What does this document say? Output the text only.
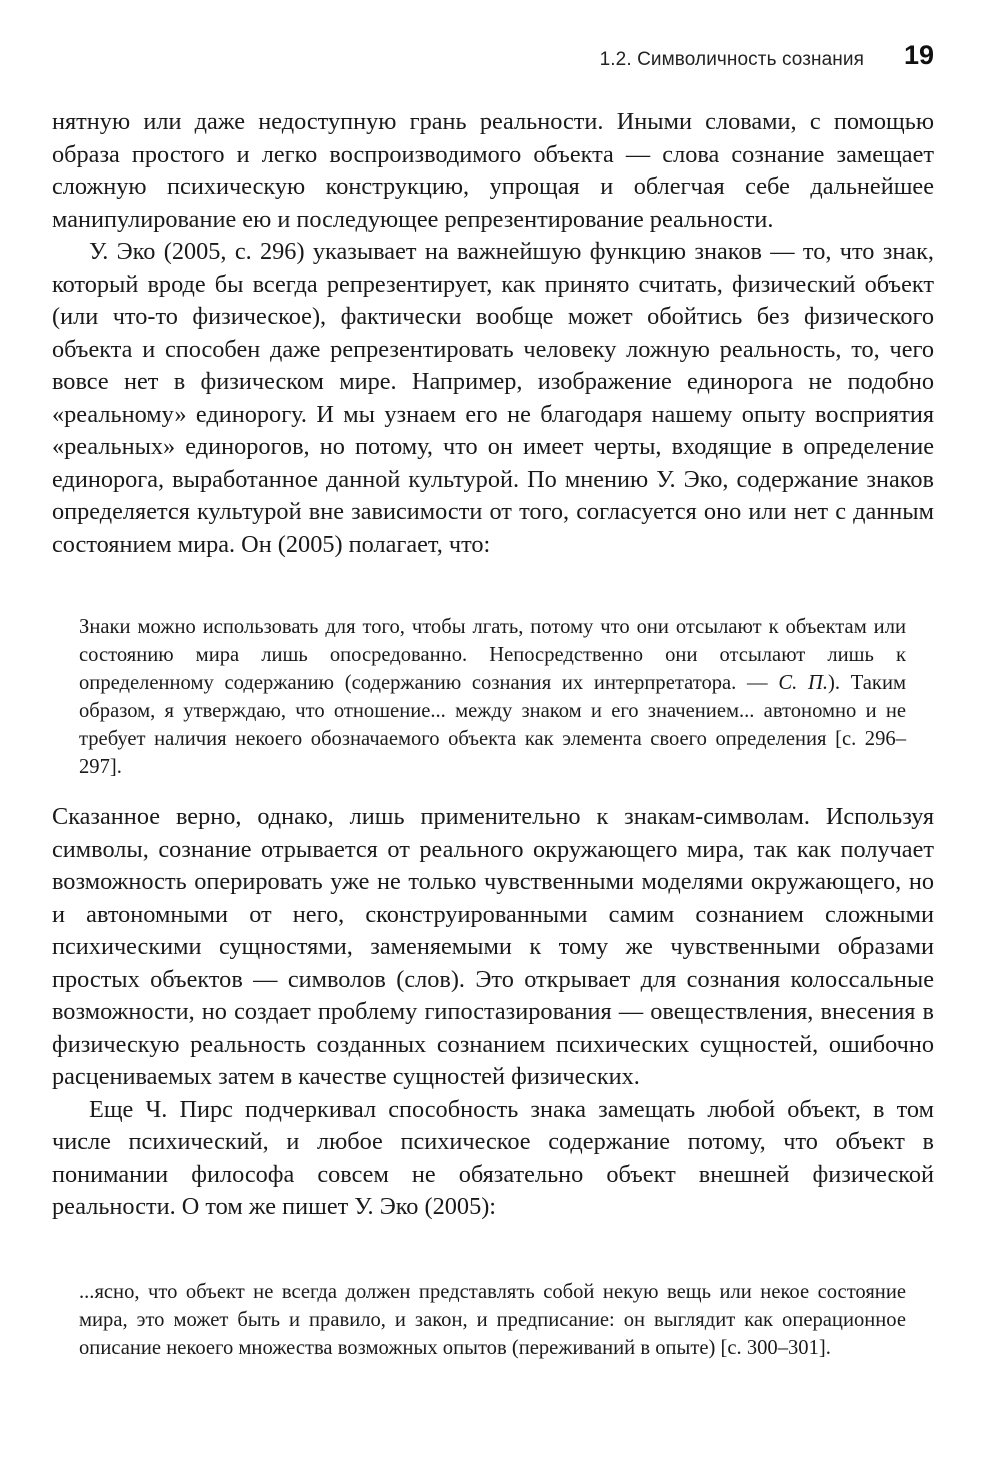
1.2. Символичность сознания 19

нятную или даже недоступную грань реальности. Иными словами, с помощью образа простого и легко воспроизводимого объекта — слова сознание замещает сложную психическую конструкцию, упрощая и облегчая себе дальнейшее манипулирование ею и последующее репрезентирование реальности.

У. Эко (2005, с. 296) указывает на важнейшую функцию знаков — то, что знак, который вроде бы всегда репрезентирует, как принято считать, физический объект (или что-то физическое), фактически вообще может обойтись без физического объекта и способен даже репрезентировать человеку ложную реальность, то, чего вовсе нет в физическом мире. Например, изображение единорога не подобно «реальному» единорогу. И мы узнаем его не благодаря нашему опыту восприятия «реальных» единорогов, но потому, что он имеет черты, входящие в определение единорога, выработанное данной культурой. По мнению У. Эко, содержание знаков определяется культурой вне зависимости от того, согласуется оно или нет с данным состоянием мира. Он (2005) полагает, что:

Знаки можно использовать для того, чтобы лгать, потому что они отсылают к объектам или состоянию мира лишь опосредованно. Непосредственно они отсылают лишь к определенному содержанию (содержанию сознания их интерпретатора. — С. П.). Таким образом, я утверждаю, что отношение... между знаком и его значением... автономно и не требует наличия некоего обозначаемого объекта как элемента своего определения [с. 296–297].

Сказанное верно, однако, лишь применительно к знакам-символам. Используя символы, сознание отрывается от реального окружающего мира, так как получает возможность оперировать уже не только чувственными моделями окружающего, но и автономными от него, сконструированными самим сознанием сложными психическими сущностями, заменяемыми к тому же чувственными образами простых объектов — символов (слов). Это открывает для сознания колоссальные возможности, но создает проблему гипостазирования — овеществления, внесения в физическую реальность созданных сознанием психических сущностей, ошибочно расцениваемых затем в качестве сущностей физических.

Еще Ч. Пирс подчеркивал способность знака замещать любой объект, в том числе психический, и любое психическое содержание потому, что объект в понимании философа совсем не обязательно объект внешней физической реальности. О том же пишет У. Эко (2005):

...ясно, что объект не всегда должен представлять собой некую вещь или некое состояние мира, это может быть и правило, и закон, и предписание: он выглядит как операционное описание некоего множества возможных опытов (переживаний в опыте) [с. 300–301].
